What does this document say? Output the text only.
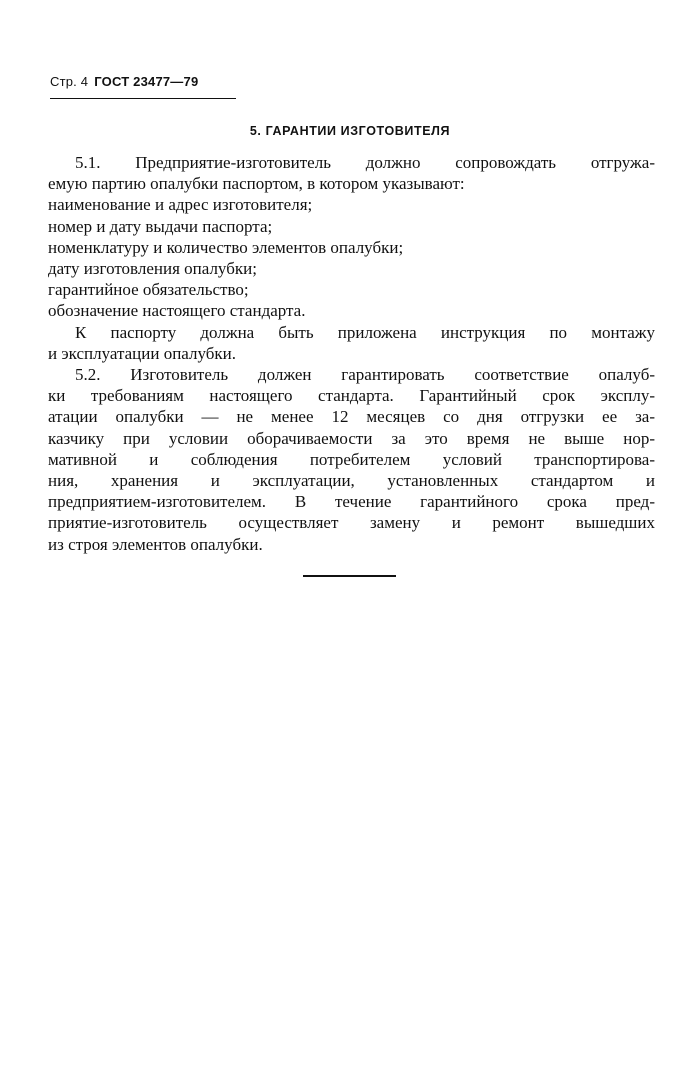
Стр. 4 ГОСТ 23477—79
5. ГАРАНТИИ ИЗГОТОВИТЕЛЯ
5.1. Предприятие-изготовитель должно сопровождать отгружа-
емую партию опалубки паспортом, в котором указывают:
наименование и адрес изготовителя;
номер и дату выдачи паспорта;
номенклатуру и количество элементов опалубки;
дату изготовления опалубки;
гарантийное обязательство;
обозначение настоящего стандарта.
К паспорту должна быть приложена инструкция по монтажу
и эксплуатации опалубки.
5.2. Изготовитель должен гарантировать соответствие опалуб-
ки требованиям настоящего стандарта. Гарантийный срок эксплу-
атации опалубки — не менее 12 месяцев со дня отгрузки ее за-
казчику при условии оборачиваемости за это время не выше нор-
мативной и соблюдения потребителем условий транспортирова-
ния, хранения и эксплуатации, установленных стандартом и
предприятием-изготовителем. В течение гарантийного срока пред-
приятие-изготовитель осуществляет замену и ремонт вышедших
из строя элементов опалубки.
